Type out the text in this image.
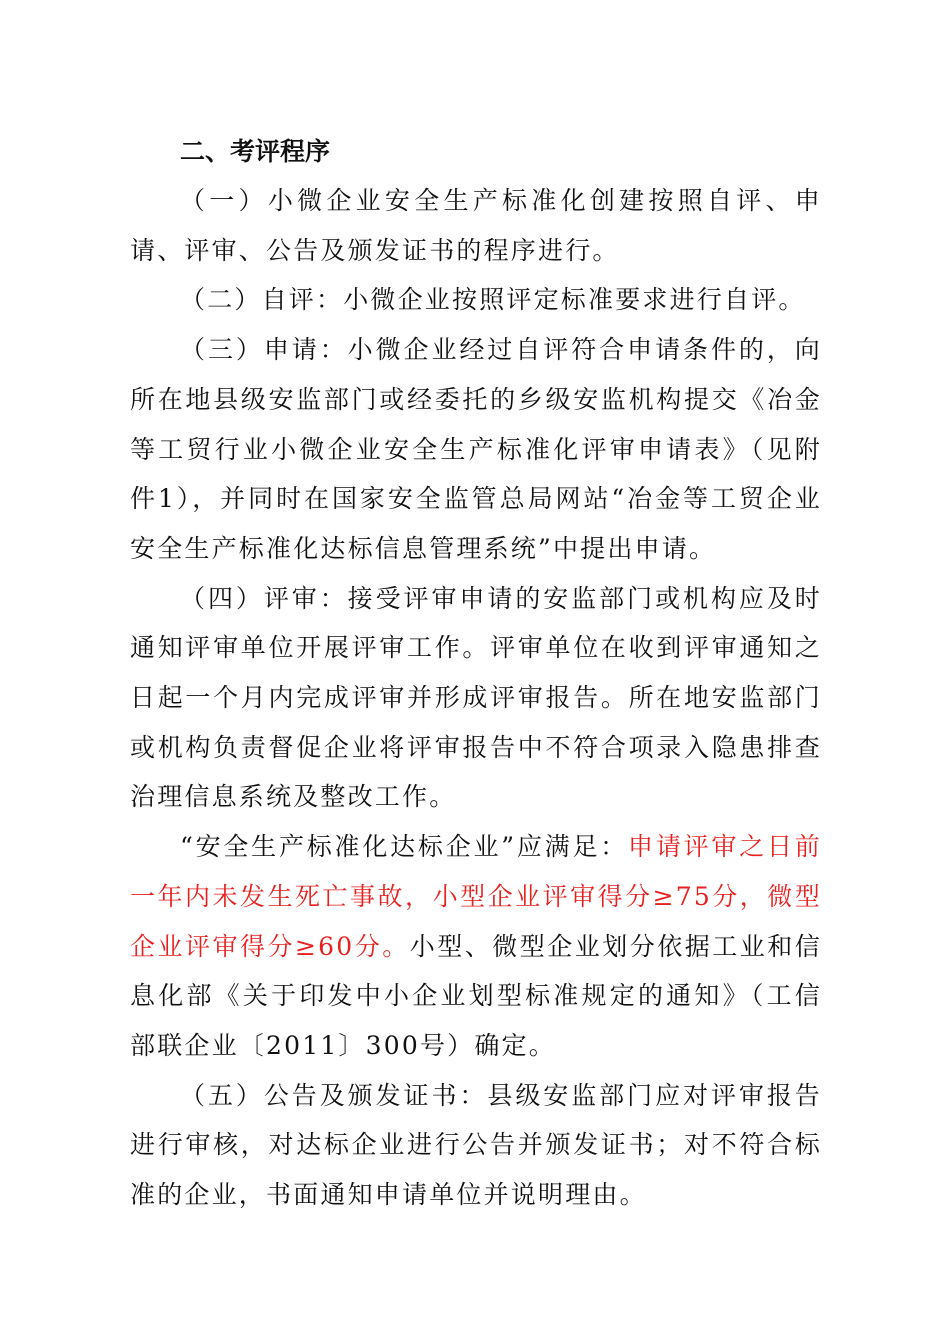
二、考评程序

（一）小微企业安全生产标准化创建按照自评、申请、评审、公告及颁发证书的程序进行。

（二）自评：小微企业按照评定标准要求进行自评。

（三）申请：小微企业经过自评符合申请条件的，向所在地县级安监部门或经委托的乡级安监机构提交《冶金等工贸行业小微企业安全生产标准化评审申请表》（见附件1），并同时在国家安全监管总局网站“冶金等工贸企业安全生产标准化达标信息管理系统”中提出申请。

（四）评审：接受评审申请的安监部门或机构应及时通知评审单位开展评审工作。评审单位在收到评审通知之日起一个月内完成评审并形成评审报告。所在地安监部门或机构负责督促企业将评审报告中不符合项录入隐患排查治理信息系统及整改工作。

“安全生产标准化达标企业”应满足：申请评审之日前一年内未发生死亡事故，小型企业评审得分≥75分，微型企业评审得分≥60分。小型、微型企业划分依据工业和信息化部《关于印发中小企业划型标准规定的通知》（工信部联企业〔2011〕300号）确定。

（五）公告及颁发证书：县级安监部门应对评审报告进行审核，对达标企业进行公告并颁发证书；对不符合标准的企业，书面通知申请单位并说明理由。
